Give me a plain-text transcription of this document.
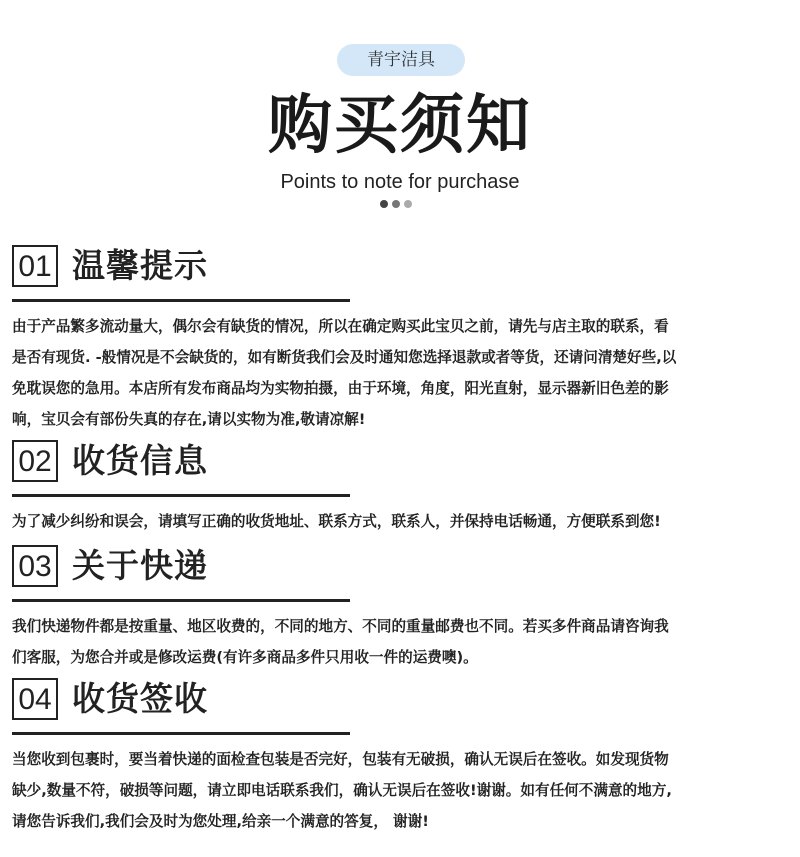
青宇洁具
购买须知
Points to note for purchase
01 温馨提示
由于产品繁多流动量大，偶尔会有缺货的情况，所以在确定购买此宝贝之前，请先与店主取的联系，看
是否有现货. -般情况是不会缺货的，如有断货我们会及时通知您选择退款或者等货，还请问清楚好些,以
免耽误您的急用。本店所有发布商品均为实物拍摄，由于环境，角度，阳光直射，显示器新旧色差的影
响，宝贝会有部份失真的存在,请以实物为准,敬请凉解!
02 收货信息
为了减少纠纷和误会，请填写正确的收货地址、联系方式，联系人，并保持电话畅通，方便联系到您!
03 关于快递
我们快递物件都是按重量、地区收费的，不同的地方、不同的重量邮费也不同。若买多件商品请咨询我
们客服，为您合并或是修改运费(有许多商品多件只用收一件的运费噢)。
04 收货签收
当您收到包裹时，要当着快递的面检查包装是否完好，包装有无破损，确认无误后在签收。如发现货物
缺少,数量不符，破损等问题，请立即电话联系我们，确认无误后在签收!谢谢。如有任何不满意的地方,
请您告诉我们,我们会及时为您处理,给亲一个满意的答复， 谢谢!
